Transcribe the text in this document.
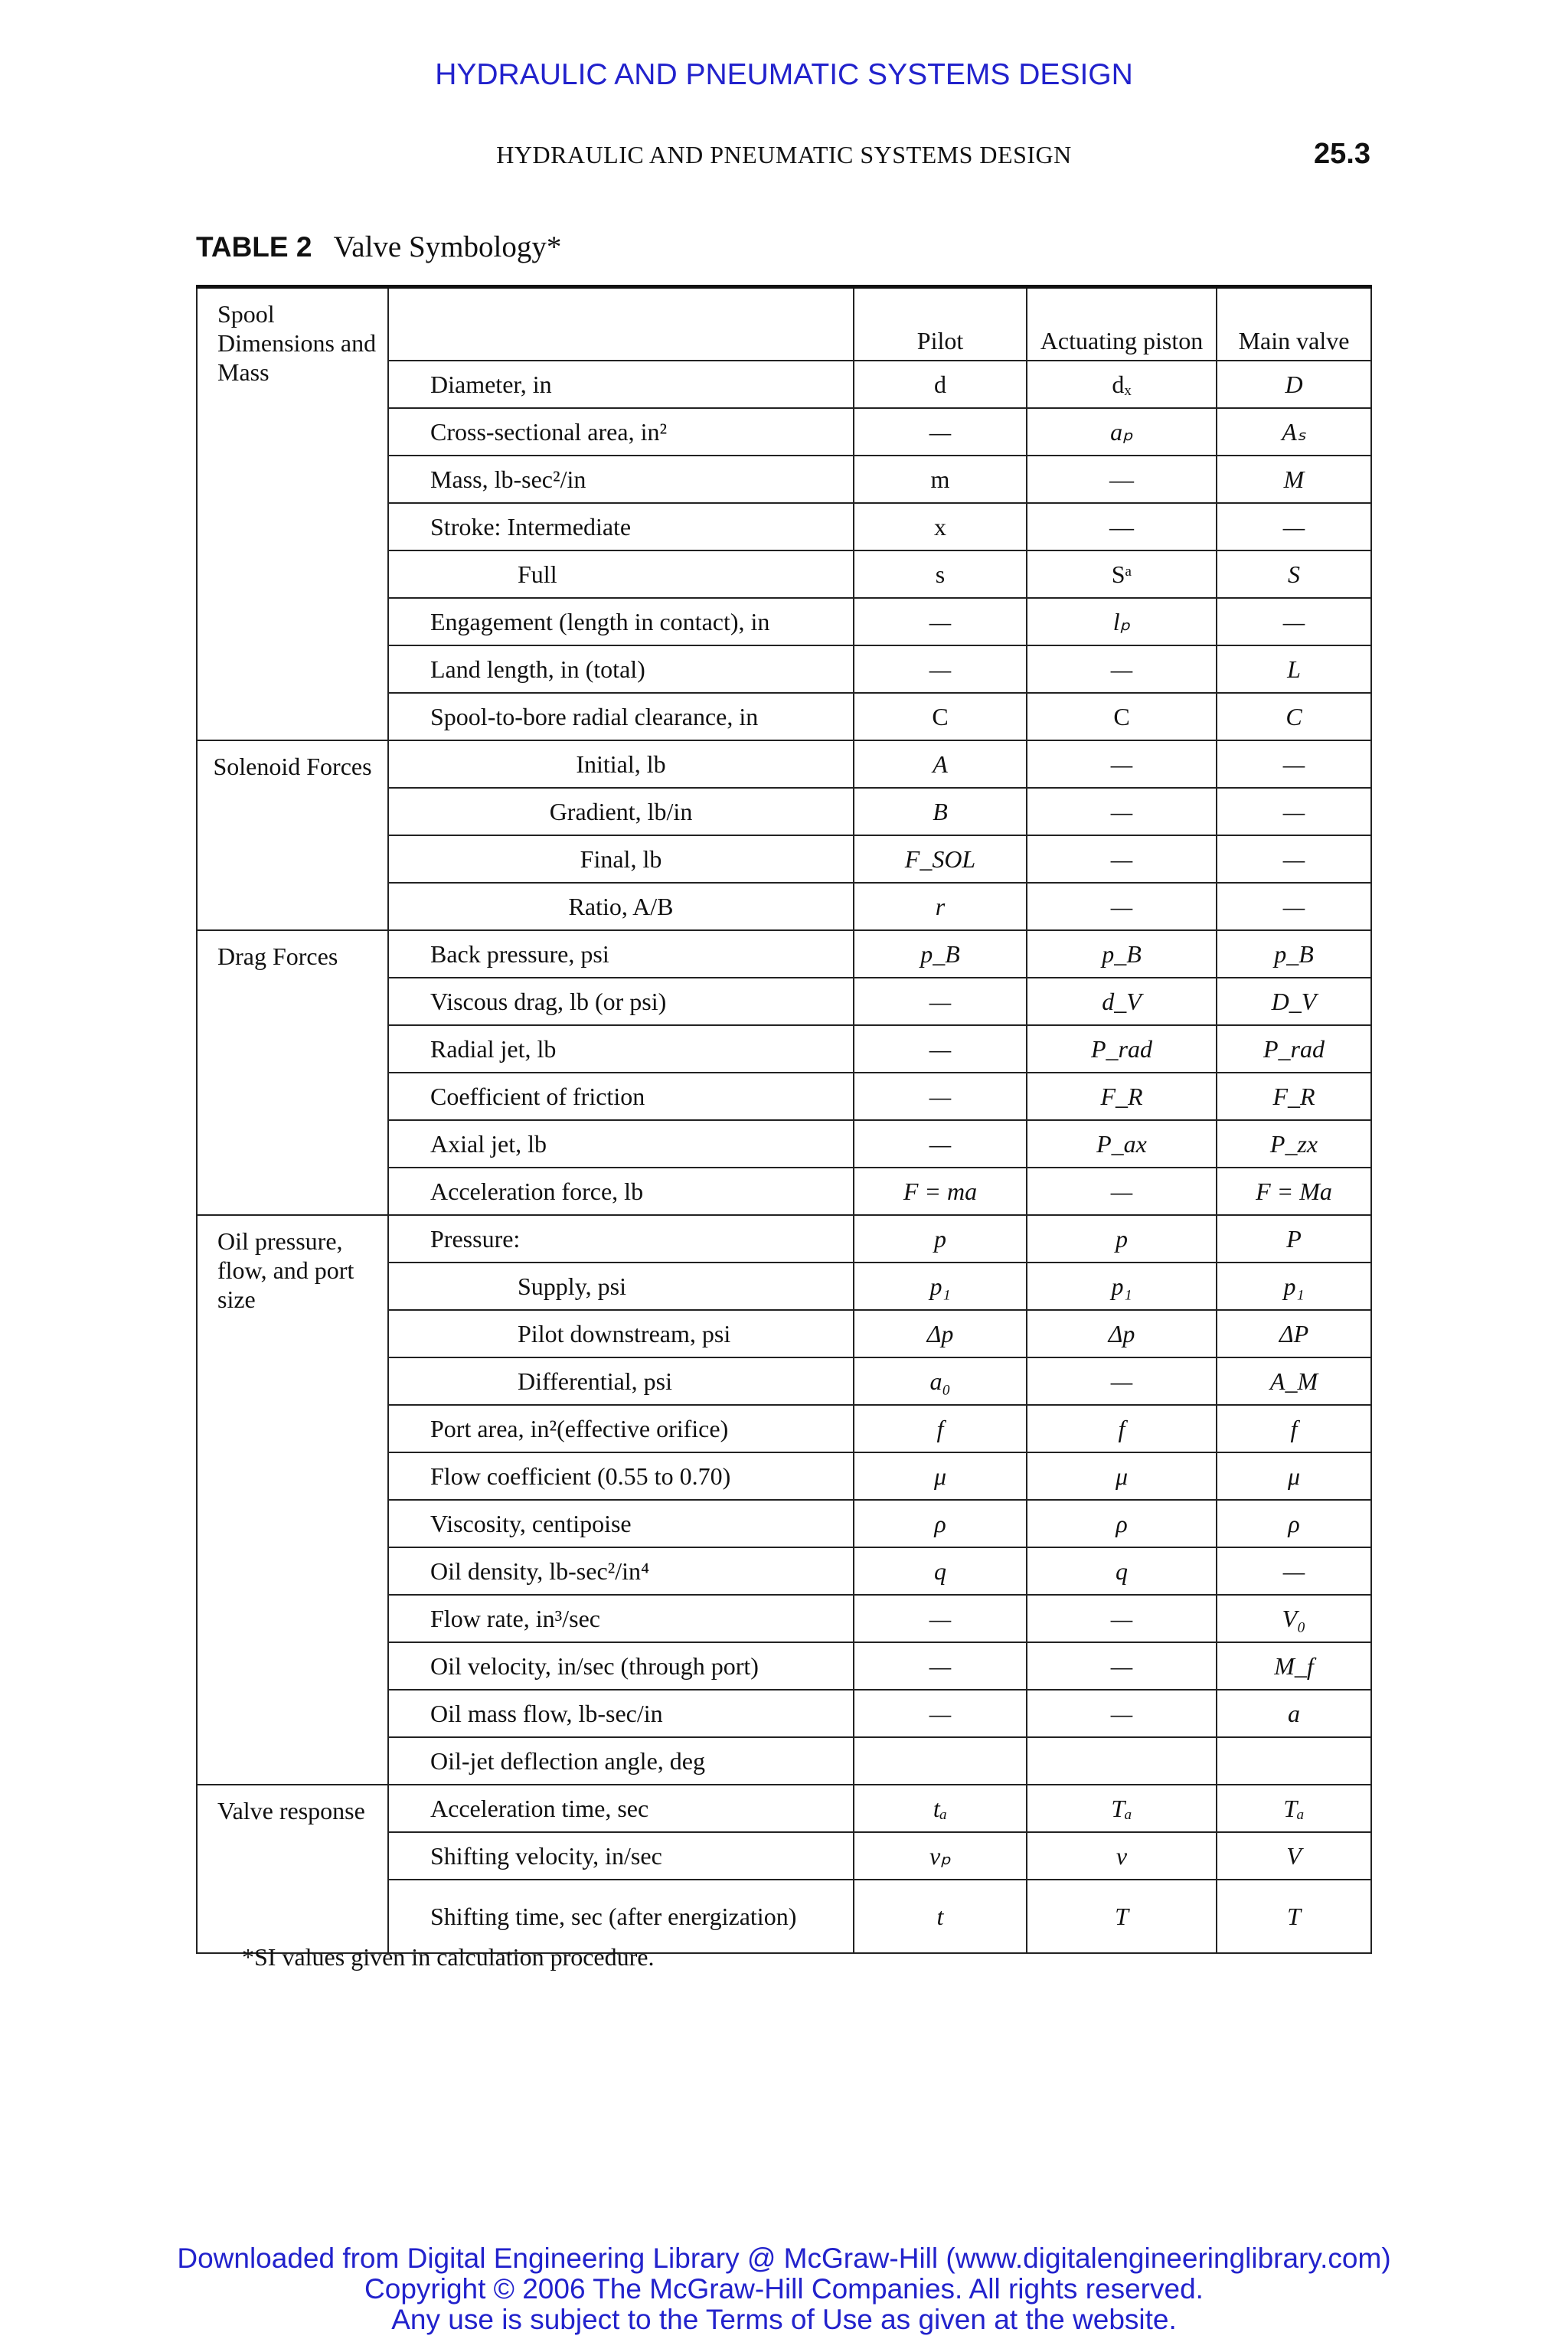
HYDRAULIC AND PNEUMATIC SYSTEMS DESIGN
HYDRAULIC AND PNEUMATIC SYSTEMS DESIGN	25.3
TABLE 2 Valve Symbology*
Spool Dimensions and Mass		Pilot	Actuating piston	Main valve
	Diameter, in	d	dₓ	D
	Cross-sectional area, in²	—	aₚ	Aₛ
	Mass, lb-sec²/in	m	—	M
	Stroke: Intermediate	x	—	—
	Full	s	Sᵃ	S
	Engagement (length in contact), in	—	lₚ	—
	Land length, in (total)	—	—	L
	Spool-to-bore radial clearance, in	C	C	C
Solenoid Forces	Initial, lb	A	—	—
	Gradient, lb/in	B	—	—
	Final, lb	F_SOL	—	—
	Ratio, A/B	r	—	—
Drag Forces	Back pressure, psi	p_B	p_B	p_B
	Viscous drag, lb (or psi)	—	d_V	D_V
	Radial jet, lb	—	P_rad	P_rad
	Coefficient of friction	—	F_R	F_R
	Axial jet, lb	—	P_ax	P_zx
	Acceleration force, lb	F = ma	—	F = Ma
Oil pressure, flow, and port size	Pressure:	p	p	P
	Supply, psi	p₁	p₁	p₁
	Pilot downstream, psi	Δp	Δp	ΔP
	Differential, psi	a₀	—	A_M
	Port area, in²(effective orifice)	f	f	f
	Flow coefficient (0.55 to 0.70)	μ	μ	μ
	Viscosity, centipoise	ρ	ρ	ρ
	Oil density, lb-sec²/in⁴	q	q	—
	Flow rate, in³/sec	—	—	V₀
	Oil velocity, in/sec (through port)	—	—	M_f
	Oil mass flow, lb-sec/in	—	—	a
	Oil-jet deflection angle, deg			
Valve response	Acceleration time, sec	tₐ	Tₐ	Tₐ
	Shifting velocity, in/sec	vₚ	v	V
	Shifting time, sec (after energization)	t	T	T
*SI values given in calculation procedure.
Downloaded from Digital Engineering Library @ McGraw-Hill (www.digitalengineeringlibrary.com)
Copyright © 2006 The McGraw-Hill Companies. All rights reserved.
Any use is subject to the Terms of Use as given at the website.
